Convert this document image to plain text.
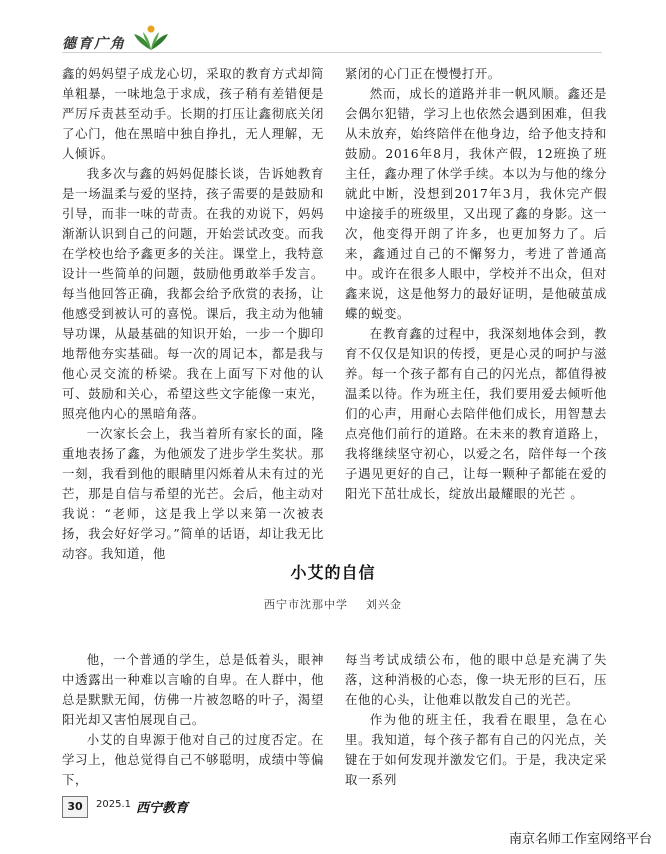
德育广角

鑫的妈妈望子成龙心切，采取的教育方式却简单粗暴，一味地急于求成，孩子稍有差错便是严厉斥责甚至动手。长期的打压让鑫彻底关闭了心门，他在黑暗中独自挣扎，无人理解，无人倾诉。

我多次与鑫的妈妈促膝长谈，告诉她教育是一场温柔与爱的坚持，孩子需要的是鼓励和引导，而非一味的苛责。在我的劝说下，妈妈渐渐认识到自己的问题，开始尝试改变。而我在学校也给予鑫更多的关注。课堂上，我特意设计一些简单的问题，鼓励他勇敢举手发言。每当他回答正确，我都会给予欣赏的表扬，让他感受到被认可的喜悦。课后，我主动为他辅导功课，从最基础的知识开始，一步一个脚印地帮他夯实基础。每一次的周记本，都是我与他心灵交流的桥梁。我在上面写下对他的认可、鼓励和关心，希望这些文字能像一束光，照亮他内心的黑暗角落。

一次家长会上，我当着所有家长的面，隆重地表扬了鑫，为他颁发了进步学生奖状。那一刻，我看到他的眼睛里闪烁着从未有过的光芒，那是自信与希望的光芒。会后，他主动对我说：“老师，这是我上学以来第一次被表扬，我会好好学习。”简单的话语，却让我无比动容。我知道，他

紧闭的心门正在慢慢打开。

然而，成长的道路并非一帆风顺。鑫还是会偶尔犯错，学习上也依然会遇到困难，但我从未放弃，始终陪伴在他身边，给予他支持和鼓励。2016年8月，我休产假，12班换了班主任，鑫办理了休学手续。本以为与他的缘分就此中断，没想到2017年3月，我休完产假中途接手的班级里，又出现了鑫的身影。这一次，他变得开朗了许多，也更加努力了。后来，鑫通过自己的不懈努力，考进了普通高中。或许在很多人眼中，学校并不出众，但对鑫来说，这是他努力的最好证明，是他破茧成蝶的蜕变。

在教育鑫的过程中，我深刻地体会到，教育不仅仅是知识的传授，更是心灵的呵护与滋养。每一个孩子都有自己的闪光点，都值得被温柔以待。作为班主任，我们要用爱去倾听他们的心声，用耐心去陪伴他们成长，用智慧去点亮他们前行的道路。在未来的教育道路上，我将继续坚守初心，以爱之名，陪伴每一个孩子遇见更好的自己，让每一颗种子都能在爱的阳光下茁壮成长，绽放出最耀眼的光芒 。

小艾的自信
西宁市沈那中学 刘兴金

他，一个普通的学生，总是低着头，眼神中透露出一种难以言喻的自卑。在人群中，他总是默默无闻，仿佛一片被忽略的叶子，渴望阳光却又害怕展现自己。

小艾的自卑源于他对自己的过度否定。在学习上，他总觉得自己不够聪明，成绩中等偏下，

每当考试成绩公布，他的眼中总是充满了失落，这种消极的心态，像一块无形的巨石，压在他的心头，让他难以散发自己的光芒。

作为他的班主任，我看在眼里，急在心里。我知道，每个孩子都有自己的闪光点，关键在于如何发现并激发它们。于是，我决定采取一系列

30	2025.1 西宁教育
南京名师工作室网络平台
